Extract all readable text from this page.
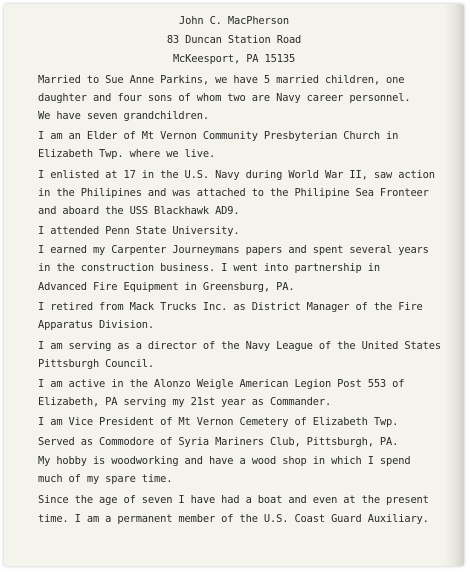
John C. MacPherson
83 Duncan Station Road
McKeesport, PA 15135
Married to Sue Anne Parkins, we have 5 married children, one
daughter and four sons of whom two are Navy career personnel.
We have seven grandchildren.
I am an Elder of Mt Vernon Community Presbyterian Church in
Elizabeth Twp. where we live.
I enlisted at 17 in the U.S. Navy during World War II, saw action
in the Philipines and was attached to the Philipine Sea Fronteer
and aboard the USS Blackhawk AD9.
I attended Penn State University.
I earned my Carpenter Journeymans papers and spent several years
in the construction business. I went into partnership in
Advanced Fire Equipment in Greensburg, PA.
I retired from Mack Trucks Inc. as District Manager of the Fire
Apparatus Division.
I am serving as a director of the Navy League of the United States
Pittsburgh Council.
I am active in the Alonzo Weigle American Legion Post 553 of
Elizabeth, PA serving my 21st year as Commander.
I am Vice President of Mt Vernon Cemetery of Elizabeth Twp.
Served as Commodore of Syria Mariners Club, Pittsburgh, PA.
My hobby is woodworking and have a wood shop in which I spend
much of my spare time.
Since the age of seven I have had a boat and even at the present
time. I am a permanent member of the U.S. Coast Guard Auxiliary.
